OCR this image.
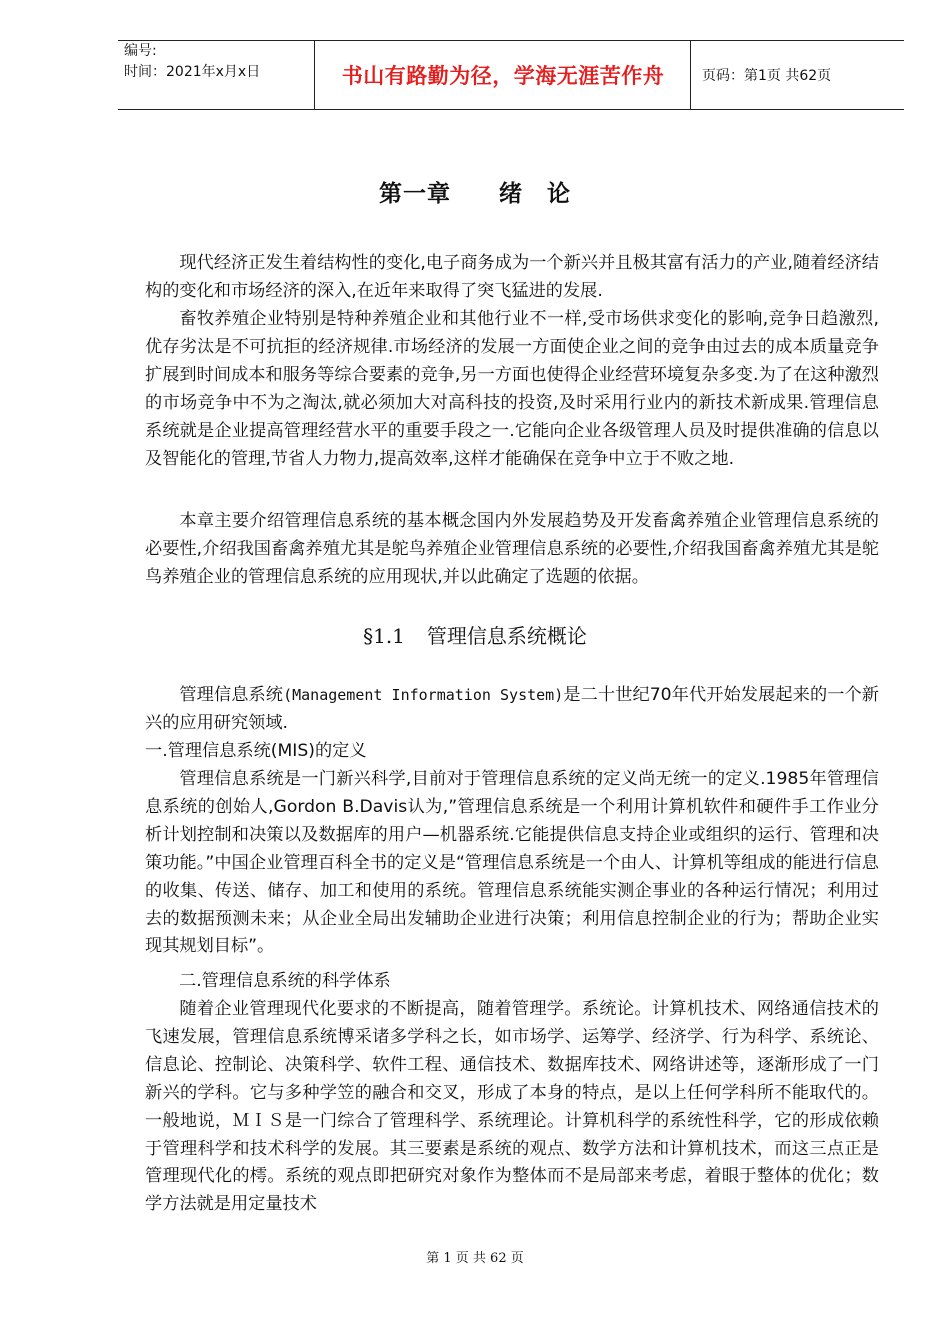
编号:
时间：2021年x月x日	书山有路勤为径，学海无涯苦作舟	页码：第1页 共62页
第一章　　绪　论

现代经济正发生着结构性的变化,电子商务成为一个新兴并且极其富有活力的产业,随着经济结构的变化和市场经济的深入,在近年来取得了突飞猛进的发展.

畜牧养殖企业特别是特种养殖企业和其他行业不一样,受市场供求变化的影响,竞争日趋激烈,优存劣汰是不可抗拒的经济规律.市场经济的发展一方面使企业之间的竞争由过去的成本质量竞争扩展到时间成本和服务等综合要素的竞争,另一方面也使得企业经营环境复杂多变.为了在这种激烈的市场竞争中不为之淘汰,就必须加大对高科技的投资,及时采用行业内的新技术新成果.管理信息系统就是企业提高管理经营水平的重要手段之一.它能向企业各级管理人员及时提供准确的信息以及智能化的管理,节省人力物力,提高效率,这样才能确保在竞争中立于不败之地.

本章主要介绍管理信息系统的基本概念国内外发展趋势及开发畜禽养殖企业管理信息系统的必要性,介绍我国畜禽养殖尤其是鸵鸟养殖企业管理信息系统的必要性,介绍我国畜禽养殖尤其是鸵鸟养殖企业的管理信息系统的应用现状,并以此确定了选题的依据。

§1.1 管理信息系统概论

管理信息系统(Management Information System)是二十世纪70年代开始发展起来的一个新兴的应用研究领域.

一.管理信息系统(MIS)的定义

管理信息系统是一门新兴科学,目前对于管理信息系统的定义尚无统一的定义.1985年管理信息系统的创始人,Gordon B.Davis认为,”管理信息系统是一个利用计算机软件和硬件手工作业分析计划控制和决策以及数据库的用户—机器系统.它能提供信息支持企业或组织的运行、管理和决策功能。”中国企业管理百科全书的定义是“管理信息系统是一个由人、计算机等组成的能进行信息的收集、传送、储存、加工和使用的系统。管理信息系统能实测企事业的各种运行情况；利用过去的数据预测未来；从企业全局出发辅助企业进行决策；利用信息控制企业的行为；帮助企业实现其规划目标”。

二.管理信息系统的科学体系

随着企业管理现代化要求的不断提高，随着管理学。系统论。计算机技术、网络通信技术的飞速发展，管理信息系统博采诸多学科之长，如市场学、运筹学、经济学、行为科学、系统论、信息论、控制论、决策科学、软件工程、通信技术、数据库技术、网络讲述等，逐渐形成了一门新兴的学科。它与多种学笠的融合和交叉，形成了本身的特点，是以上任何学科所不能取代的。一般地说，ＭＩＳ是一门综合了管理科学、系统理论。计算机科学的系统性科学，它的形成依赖于管理科学和技术科学的发展。其三要素是系统的观点、数学方法和计算机技术，而这三点正是管理现代化的樗。系统的观点即把研究对象作为整体而不是局部来考虑，着眼于整体的优化；数学方法就是用定量技术

第 1 页 共 62 页
